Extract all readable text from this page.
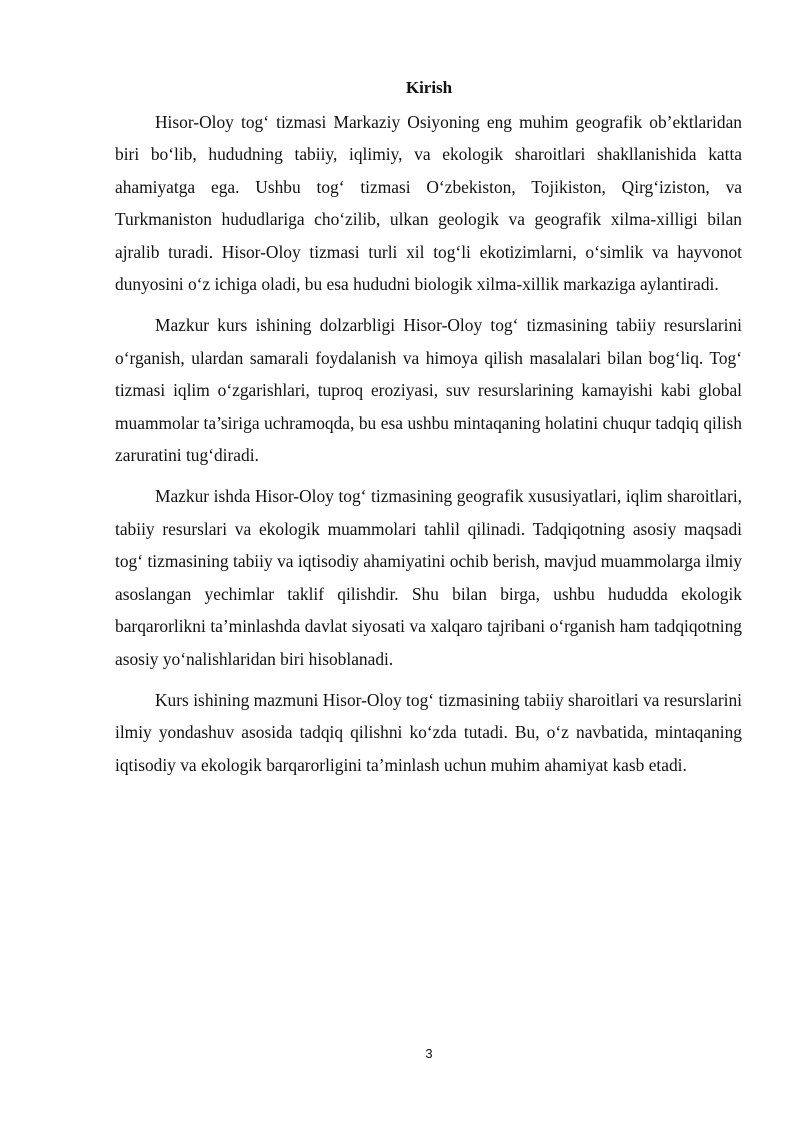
Kirish

Hisor-Oloy tog‘ tizmasi Markaziy Osiyoning eng muhim geografik ob’ektlaridan biri bo‘lib, hududning tabiiy, iqlimiy, va ekologik sharoitlari shakllanishida katta ahamiyatga ega. Ushbu tog‘ tizmasi O‘zbekiston, Tojikiston, Qirg‘iziston, va Turkmaniston hududlariga cho‘zilib, ulkan geologik va geografik xilma-xilligi bilan ajralib turadi. Hisor-Oloy tizmasi turli xil tog‘li ekotizimlarni, o‘simlik va hayvonot dunyosini o‘z ichiga oladi, bu esa hududni biologik xilma-xillik markaziga aylantiradi.

Mazkur kurs ishining dolzarbligi Hisor-Oloy tog‘ tizmasining tabiiy resurslarini o‘rganish, ulardan samarali foydalanish va himoya qilish masalalari bilan bog‘liq. Tog‘ tizmasi iqlim o‘zgarishlari, tuproq eroziyasi, suv resurslarining kamayishi kabi global muammolar ta’siriga uchramoqda, bu esa ushbu mintaqaning holatini chuqur tadqiq qilish zaruratini tug‘diradi.

Mazkur ishda Hisor-Oloy tog‘ tizmasining geografik xususiyatlari, iqlim sharoitlari, tabiiy resurslari va ekologik muammolari tahlil qilinadi. Tadqiqotning asosiy maqsadi tog‘ tizmasining tabiiy va iqtisodiy ahamiyatini ochib berish, mavjud muammolarga ilmiy asoslangan yechimlar taklif qilishdir. Shu bilan birga, ushbu hududda ekologik barqarorlikni ta’minlashda davlat siyosati va xalqaro tajribani o‘rganish ham tadqiqotning asosiy yo‘nalishlaridan biri hisoblanadi.

Kurs ishining mazmuni Hisor-Oloy tog‘ tizmasining tabiiy sharoitlari va resurslarini ilmiy yondashuv asosida tadqiq qilishni ko‘zda tutadi. Bu, o‘z navbatida, mintaqaning iqtisodiy va ekologik barqarorligini ta’minlash uchun muhim ahamiyat kasb etadi.

3
